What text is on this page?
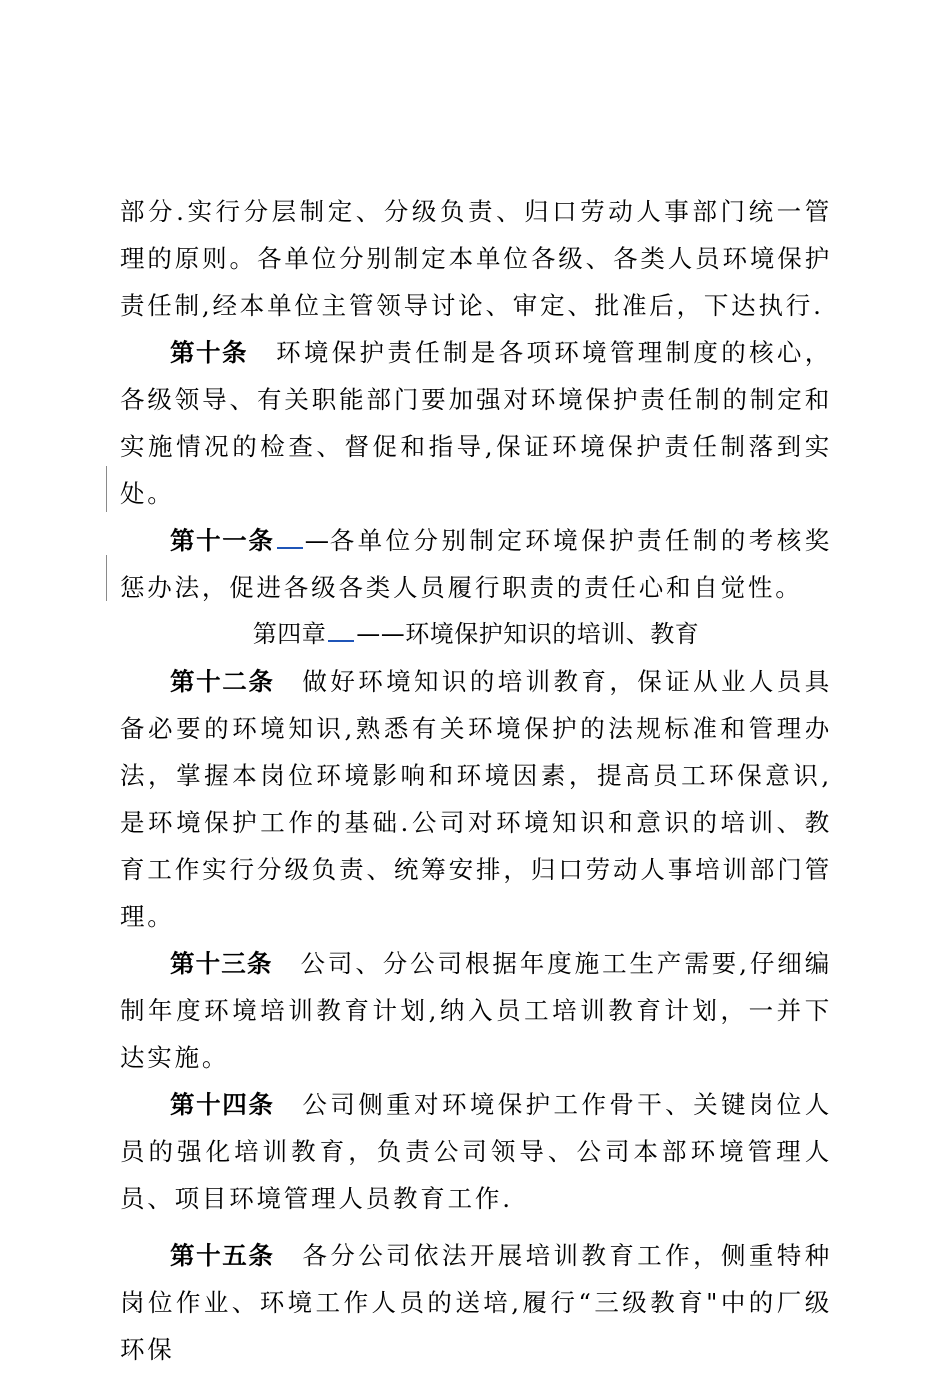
部分.实行分层制定、分级负责、归口劳动人事部门统一管理的原则。各单位分别制定本单位各级、各类人员环境保护责任制,经本单位主管领导讨论、审定、批准后，下达执行.

第十条 环境保护责任制是各项环境管理制度的核心，各级领导、有关职能部门要加强对环境保护责任制的制定和实施情况的检查、督促和指导,保证环境保护责任制落到实处。

第十一条 —各单位分别制定环境保护责任制的考核奖惩办法，促进各级各类人员履行职责的责任心和自觉性。

第四章 ——环境保护知识的培训、教育

第十二条 做好环境知识的培训教育，保证从业人员具备必要的环境知识,熟悉有关环境保护的法规标准和管理办法，掌握本岗位环境影响和环境因素，提高员工环保意识,是环境保护工作的基础.公司对环境知识和意识的培训、教育工作实行分级负责、统筹安排，归口劳动人事培训部门管理。

第十三条 公司、分公司根据年度施工生产需要,仔细编制年度环境培训教育计划,纳入员工培训教育计划，一并下达实施。

第十四条 公司侧重对环境保护工作骨干、关键岗位人员的强化培训教育，负责公司领导、公司本部环境管理人员、项目环境管理人员教育工作.

第十五条 各分公司依法开展培训教育工作，侧重特种岗位作业、环境工作人员的送培,履行“三级教育"中的厂级环保
